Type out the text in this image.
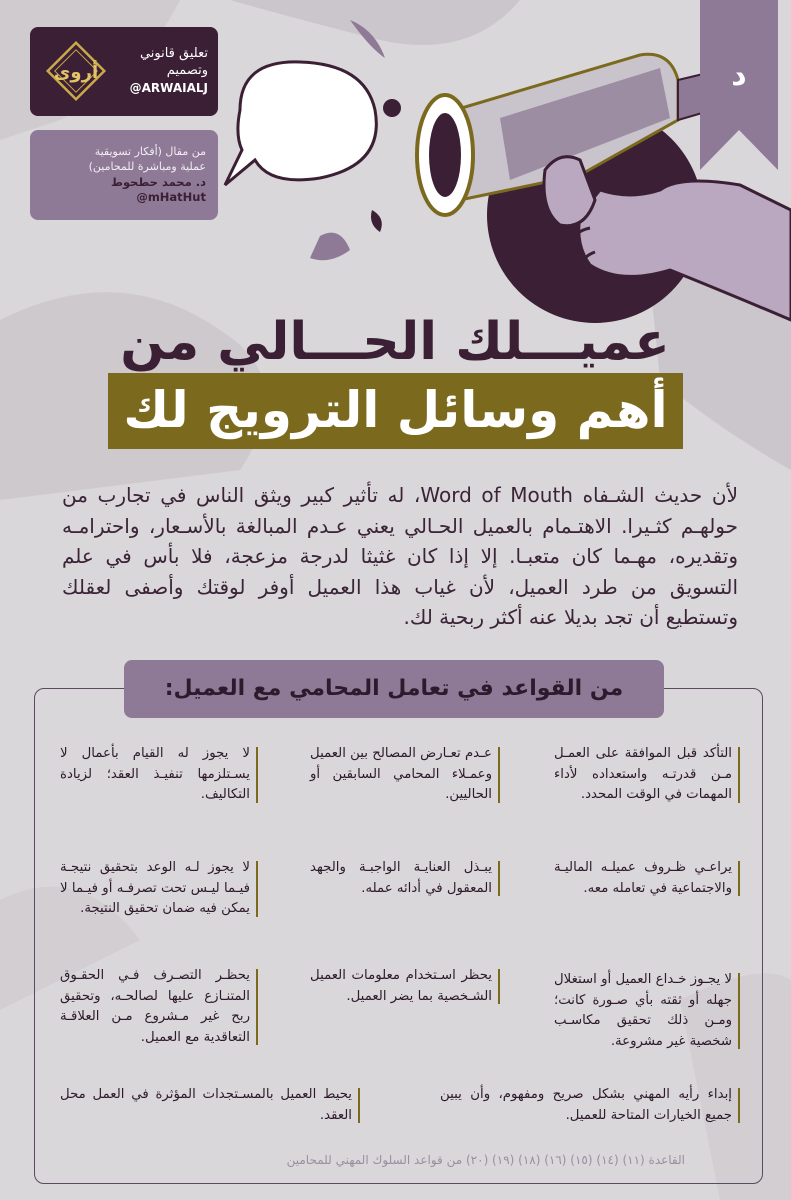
ﺃﺭﻭﻯ
تعليق قانوني
وتصميم
@ARWAIALJ
من مقال (أفكار تسويقية
عملية ومباشرة للمحامين)
د. محمد حطحوط
@mHatHut
د
عميـــلك الحـــالي من
أهم وسائل الترويج لك
لأن حديث الشـفاه Word of Mouth، له تأثير كبير ويثق الناس في تجارب من حولهـم كثـيرا. الاهتـمام بالعميل الحـالي يعني عـدم المبالغة بالأسـعار، واحترامـه وتقديره، مهـما كان متعبـا. إلا إذا كان غثيثا لدرجة مزعجة، فلا بأس في علم التسويق من طرد العميل، لأن غياب هذا العميل أوفر لوقتك وأصفى لعقلك وتستطيع أن تجد بديلا عنه أكثر ربحية لك.
من القواعد في تعامل المحامي مع العميل:
التأكد قبل الموافقة على العمـل مـن قدرتـه واستعداده لأداء المهمات في الوقت المحدد.
عـدم تعـارض المصالح بين العميل وعمـلاء المحامي السابقين أو الحاليين.
لا يجوز له القيام بأعمال لا يسـتلزمها تنفيـذ العقد؛ لزيادة التكاليف.
يراعـي ظـروف عميلـه الماليـة والاجتماعية في تعامله معه.
يبـذل العنايـة الواجبـة والجهد المعقول في أدائه عمله.
لا يجوز لـه الوعد بتحقيق نتيجـة فيـما ليـس تحت تصرفـه أو فيـما لا يمكن فيه ضمان تحقيق النتيجة.
لا يجـوز خـداع العميل أو استغلال جهله أو ثقته بأي صـورة كانت؛ ومـن ذلك تحقيق مكاسـب شخصية غير مشروعة.
يحظر اسـتخدام معلومات العميل الشـخصية بما يضر العميل.
يحظـر التصـرف فـي الحقـوق المتنـازع عليها لصالحـه، وتحقيق ربح غير مـشروع مـن العلاقـة التعاقدية مع العميل.
إبداء رأيه المهني بشكل صريح ومفهوم، وأن يبين جميع الخيارات المتاحة للعميل.
يحيط العميل بالمسـتجدات المؤثرة في العمل محل العقد.
القاعدة (١١) (١٤) (١٥) (١٦) (١٨) (١٩) (٢٠) من قواعد السلوك المهني للمحامين
